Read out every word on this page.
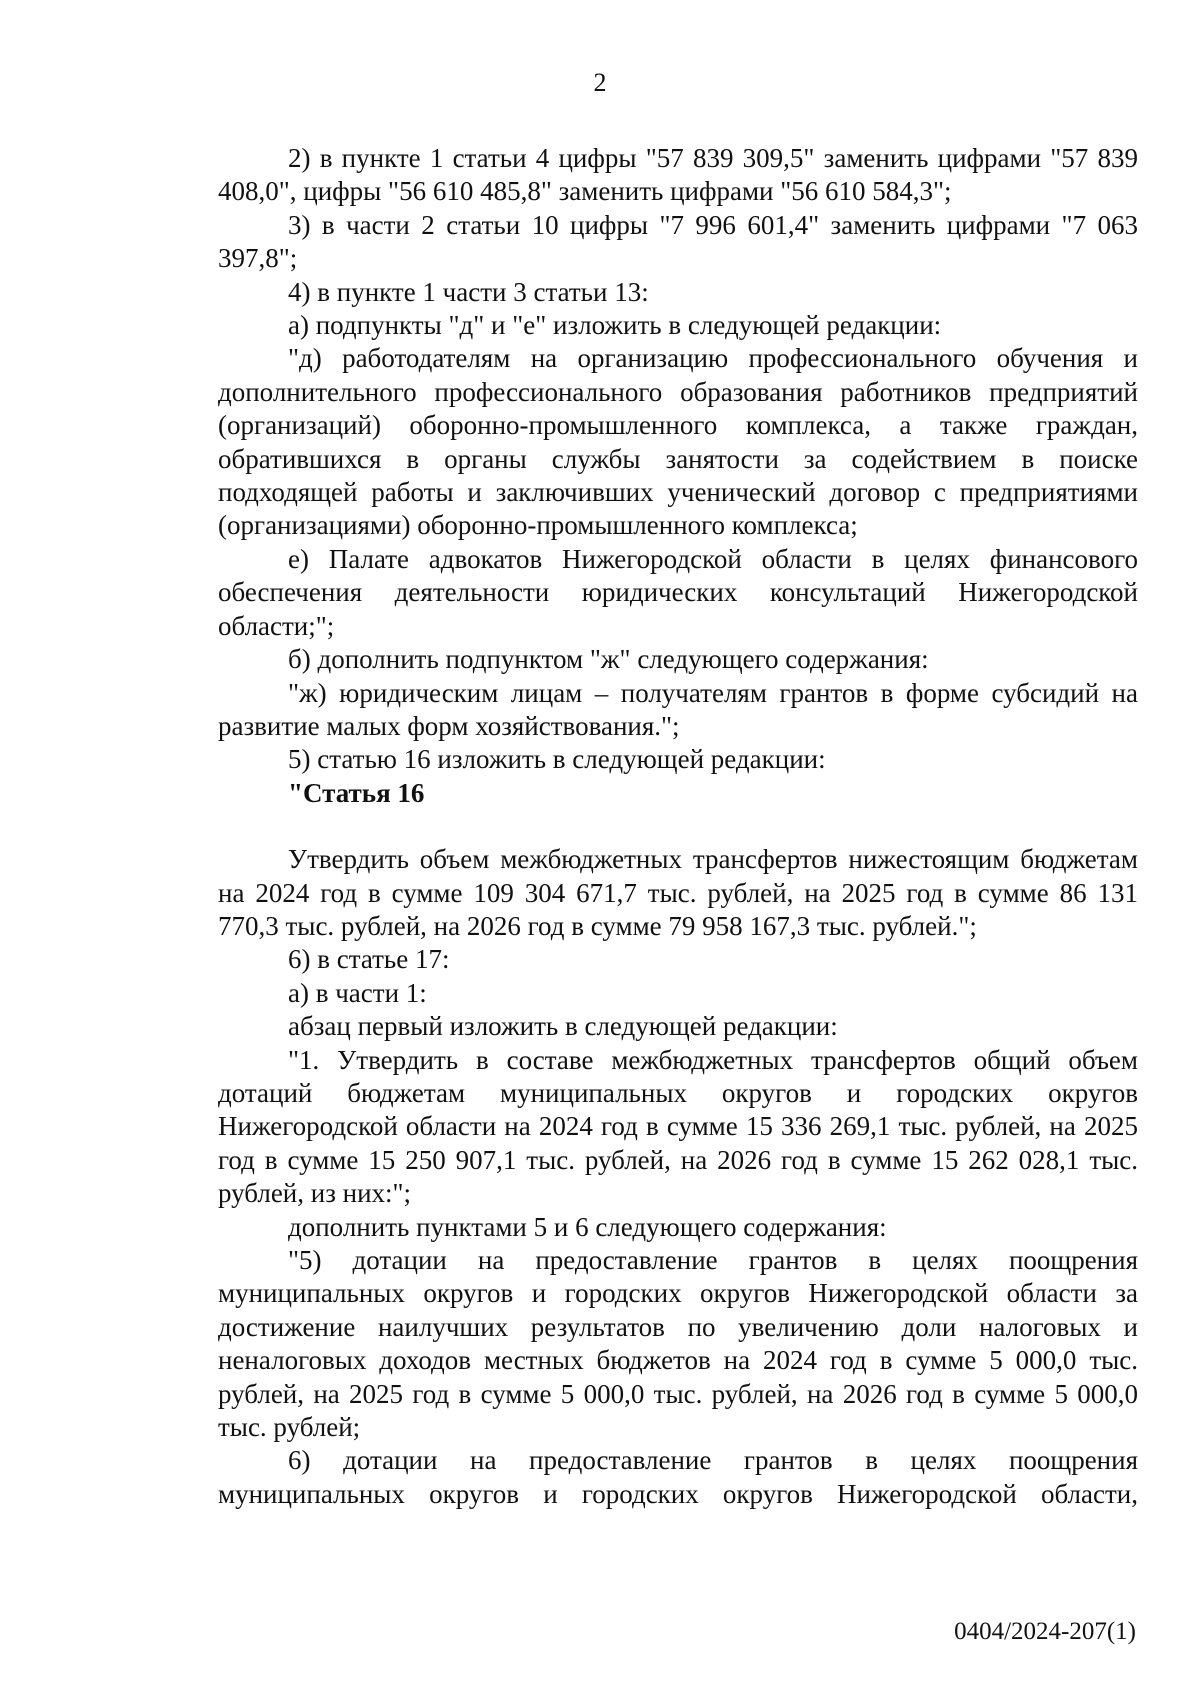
2

2) в пункте 1 статьи 4 цифры "57 839 309,5" заменить цифрами "57 839 408,0", цифры "56 610 485,8" заменить цифрами "56 610 584,3";

3) в части 2 статьи 10 цифры "7 996 601,4" заменить цифрами "7 063 397,8";

4) в пункте 1 части 3 статьи 13:

а) подпункты "д" и "е" изложить в следующей редакции:

"д) работодателям на организацию профессионального обучения и дополнительного профессионального образования работников предприятий (организаций) оборонно-промышленного комплекса, а также граждан, обратившихся в органы службы занятости за содействием в поиске подходящей работы и заключивших ученический договор с предприятиями (организациями) оборонно-промышленного комплекса;

е) Палате адвокатов Нижегородской области в целях финансового обеспечения деятельности юридических консультаций Нижегородской области;";

б) дополнить подпунктом "ж" следующего содержания:

"ж) юридическим лицам – получателям грантов в форме субсидий на развитие малых форм хозяйствования.";

5) статью 16 изложить в следующей редакции:

"Статья 16

Утвердить объем межбюджетных трансфертов нижестоящим бюджетам на 2024 год в сумме 109 304 671,7 тыс. рублей, на 2025 год в сумме 86 131 770,3 тыс. рублей, на 2026 год в сумме 79 958 167,3 тыс. рублей.";

6) в статье 17:

а) в части 1:

абзац первый изложить в следующей редакции:

"1. Утвердить в составе межбюджетных трансфертов общий объем дотаций бюджетам муниципальных округов и городских округов Нижегородской области на 2024 год в сумме 15 336 269,1 тыс. рублей, на 2025 год в сумме 15 250 907,1 тыс. рублей, на 2026 год в сумме 15 262 028,1 тыс. рублей, из них:";

дополнить пунктами 5 и 6 следующего содержания:

"5) дотации на предоставление грантов в целях поощрения муниципальных округов и городских округов Нижегородской области за достижение наилучших результатов по увеличению доли налоговых и неналоговых доходов местных бюджетов на 2024 год в сумме 5 000,0 тыс. рублей, на 2025 год в сумме 5 000,0 тыс. рублей, на 2026 год в сумме 5 000,0 тыс. рублей;

6) дотации на предоставление грантов в целях поощрения муниципальных округов и городских округов Нижегородской области,

0404/2024-207(1)
